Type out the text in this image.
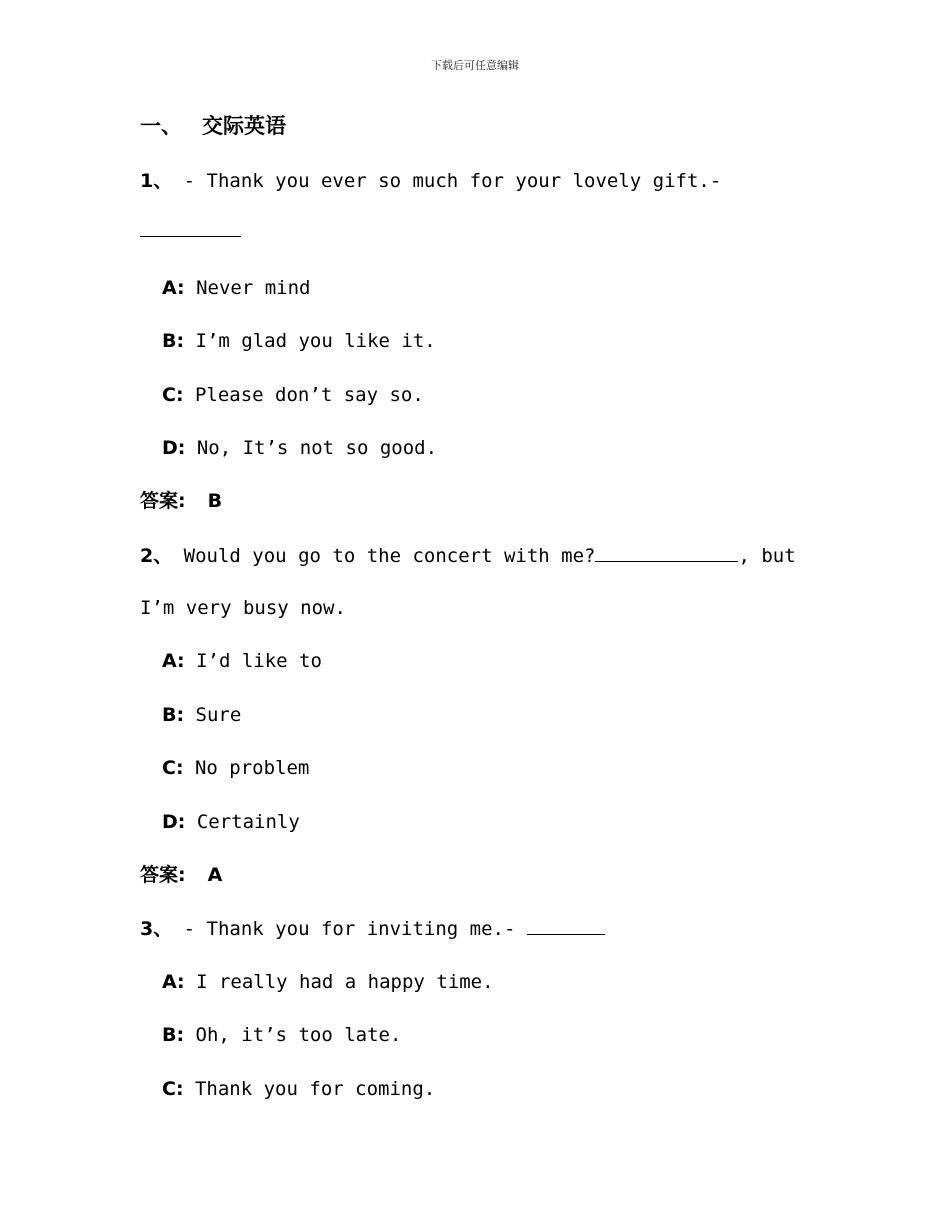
下载后可任意编辑
一、 交际英语
1、 - Thank you ever so much for your lovely gift.-
A: Never mind
B: I’m glad you like it.
C: Please don’t say so.
D: No, It’s not so good.
答案: B
2、 Would you go to the concert with me?	, but
I’m very busy now.
A: I’d like to
B: Sure
C: No problem
D: Certainly
答案: A
3、 - Thank you for inviting me.-
A: I really had a happy time.
B: Oh, it’s too late.
C: Thank you for coming.
